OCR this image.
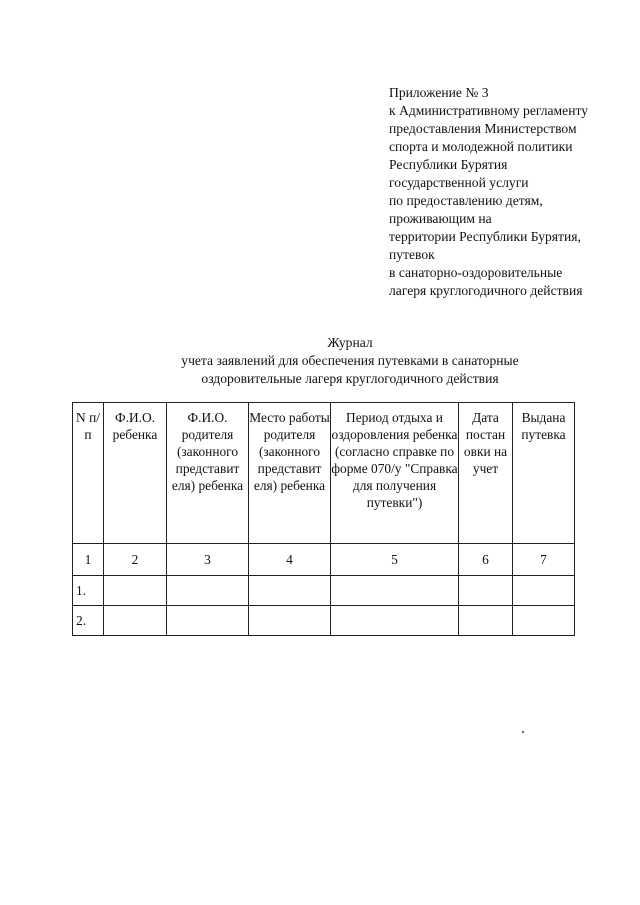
Приложение № 3
к Административному регламенту
предоставления Министерством
спорта и молодежной политики
Республики Бурятия
государственной услуги
по предоставлению детям,
проживающим на
территории Республики Бурятия,
путевок
в санаторно-оздоровительные
лагеря круглогодичного действия
Журнал
учета заявлений для обеспечения путевками в санаторные
оздоровительные лагеря круглогодичного действия
N п/п	Ф.И.О. ребенка	Ф.И.О. родителя (законного представит еля) ребенка	Место работы родителя (законного представит еля) ребенка	Период отдыха и оздоровления ребенка (согласно справке по форме 070/у "Справка для получения путевки")	Дата постан овки на учет	Выдана путевка
1	2	3	4	5	6	7
1.						
2.						
